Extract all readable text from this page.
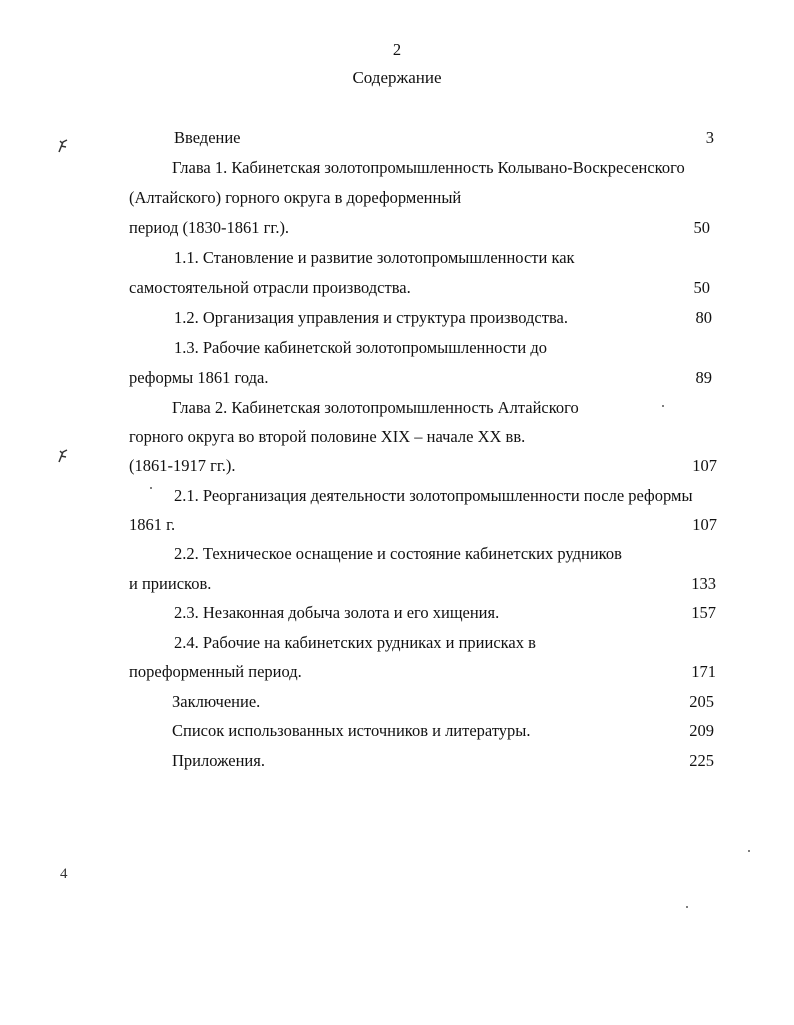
2
Содержание
4
Введение	3
Глава 1. Кабинетская золотопромышленность Колывано-Воскресенского
(Алтайского) горного округа в дореформенный
период (1830-1861 гг.).	50
1.1. Становление и развитие золотопромышленности как
самостоятельной отрасли производства.	50
1.2. Организация управления и структура производства.	80
1.3. Рабочие кабинетской золотопромышленности до
реформы 1861 года.	89
Глава 2. Кабинетская золотопромышленность Алтайского
горного округа во второй половине XIX – начале XX вв.
(1861-1917 гг.).	107
2.1. Реорганизация деятельности золотопромышленности после реформы
1861 г.	107
2.2. Техническое оснащение и состояние кабинетских рудников
и приисков.	133
2.3. Незаконная добыча золота и его хищения.	157
2.4. Рабочие на кабинетских рудниках и приисках в
пореформенный период.	171
Заключение.	205
Список использованных источников и литературы.	209
Приложения.	225
